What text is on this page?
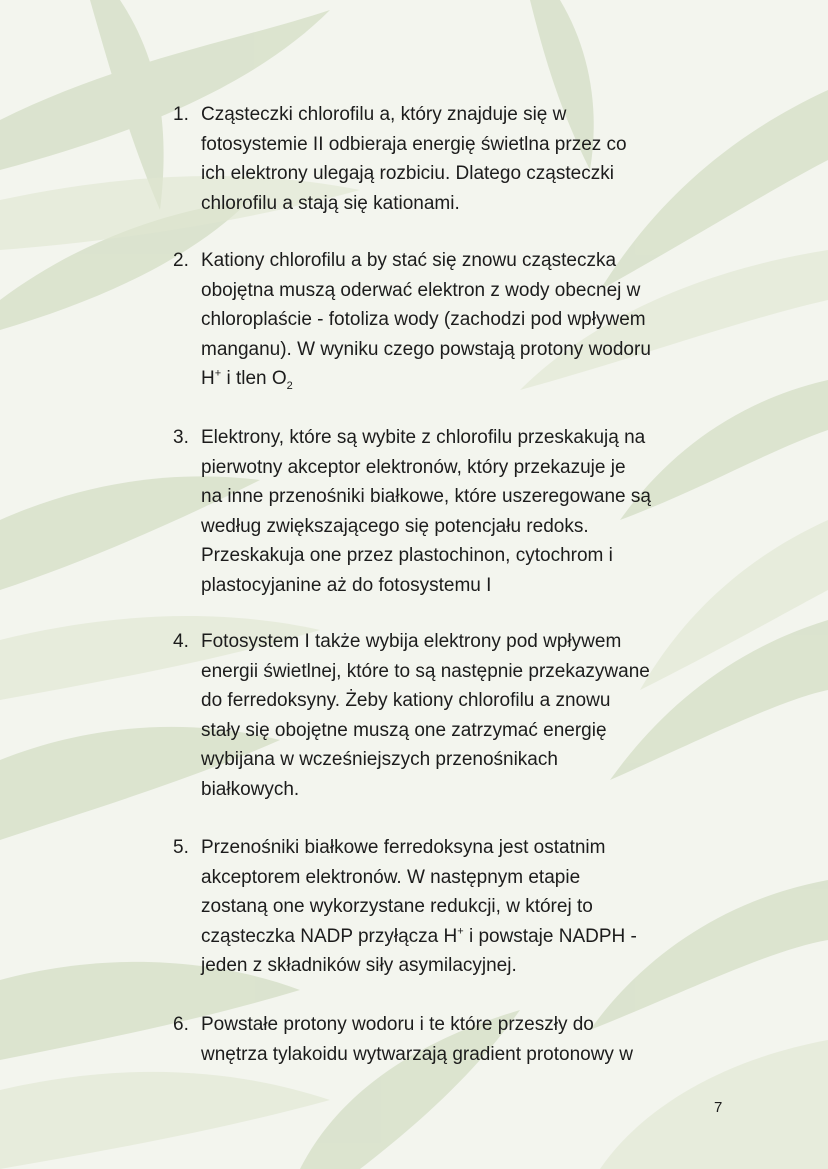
1. Cząsteczki chlorofilu a, który znajduje się w
fotosystemie II odbieraja energię świetlna przez co
ich elektrony ulegają rozbiciu. Dlatego cząsteczki
chlorofilu a stają się kationami.
2. Kationy chlorofilu a by stać się znowu cząsteczka
obojętna muszą oderwać elektron z wody obecnej w
chloroplaście - fotoliza wody (zachodzi pod wpływem
manganu). W wyniku czego powstają protony wodoru
H+ i tlen $O_2$
3. Elektrony, które są wybite z chlorofilu przeskakują na
pierwotny akceptor elektronów, który przekazuje je
na inne przenośniki białkowe, które uszeregowane są
według zwiększającego się potencjału redoks.
Przeskakuja one przez plastochinon, cytochrom i
plastocyjanine aż do fotosystemu I
4. Fotosystem I także wybija elektrony pod wpływem
energii świetlnej, które to są następnie przekazywane
do ferredoksyny. Żeby kationy chlorofilu a znowu
stały się obojętne muszą one zatrzymać energię
wybijana w wcześniejszych przenośnikach
białkowych.
5. Przenośniki białkowe ferredoksyna jest ostatnim
akceptorem elektronów. W następnym etapie
zostaną one wykorzystane redukcji, w której to
cząsteczka NADP przyłącza H+ i powstaje NADPH -
jeden z składników siły asymilacyjnej.
6. Powstałe protony wodoru i te które przeszły do
wnętrza tylakoidu wytwarzają gradient protonowy w
7
